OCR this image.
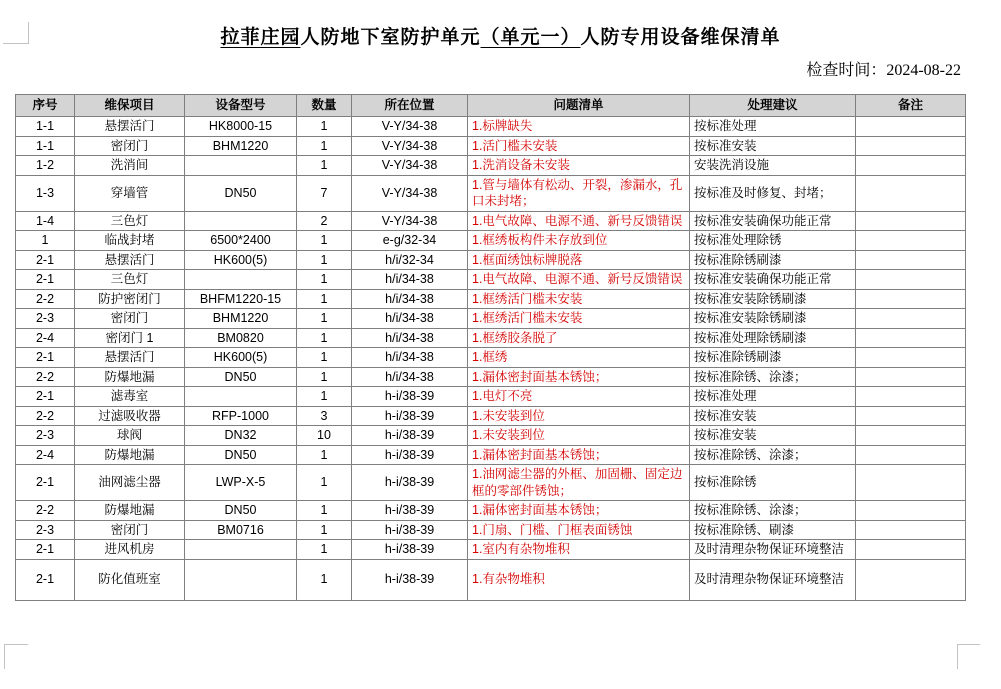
拉菲庄园人防地下室防护单元（单元一）人防专用设备维保清单
检查时间：2024-08-22
序号	维保项目	设备型号	数量	所在位置	问题清单	处理建议	备注
1-1	悬摆活门	HK8000-15	1	V-Y/34-38	1.标牌缺失	按标准处理	
1-1	密闭门	BHM1220	1	V-Y/34-38	1.活门槛未安装	按标准安装	
1-2	洗消间		1	V-Y/34-38	1.洗消设备未安装	安装洗消设施	
1-3	穿墙管	DN50	7	V-Y/34-38	1.管与墙体有松动、开裂，渗漏水，孔口未封堵；	按标准及时修复、封堵；	
1-4	三色灯		2	V-Y/34-38	1.电气故障、电源不通、新号反馈错误	按标准安装确保功能正常	
1	临战封堵	6500*2400	1	e-g/32-34	1.框绣板构件未存放到位	按标准处理除锈	
2-1	悬摆活门	HK600(5)	1	h/i/32-34	1.框面绣蚀标牌脱落	按标准除锈刷漆	
2-1	三色灯		1	h/i/34-38	1.电气故障、电源不通、新号反馈错误	按标准安装确保功能正常	
2-2	防护密闭门	BHFM1220-15	1	h/i/34-38	1.框绣活门槛未安装	按标准安装除锈刷漆	
2-3	密闭门	BHM1220	1	h/i/34-38	1.框绣活门槛未安装	按标准安装除锈刷漆	
2-4	密闭门 1	BM0820	1	h/i/34-38	1.框绣胶条脱了	按标准处理除锈刷漆	
2-1	悬摆活门	HK600(5)	1	h/i/34-38	1.框绣	按标准除锈刷漆	
2-2	防爆地漏	DN50	1	h/i/34-38	1.漏体密封面基本锈蚀；	按标准除锈、涂漆；	
2-1	滤毒室		1	h-i/38-39	1.电灯不亮	按标准处理	
2-2	过滤吸收器	RFP-1000	3	h-i/38-39	1.未安装到位	按标准安装	
2-3	球阀	DN32	10	h-i/38-39	1.未安装到位	按标准安装	
2-4	防爆地漏	DN50	1	h-i/38-39	1.漏体密封面基本锈蚀；	按标准除锈、涂漆；	
2-1	油网滤尘器	LWP-X-5	1	h-i/38-39	1.油网滤尘器的外框、加固栅、固定边框的零部件锈蚀；	按标准除锈	
2-2	防爆地漏	DN50	1	h-i/38-39	1.漏体密封面基本锈蚀；	按标准除锈、涂漆；	
2-3	密闭门	BM0716	1	h-i/38-39	1.门扇、门槛、门框表面锈蚀	按标准除锈、刷漆	
2-1	进风机房		1	h-i/38-39	1.室内有杂物堆积	及时清理杂物保证环境整洁	
2-1	防化值班室		1	h-i/38-39	1.有杂物堆积	及时清理杂物保证环境整洁	
